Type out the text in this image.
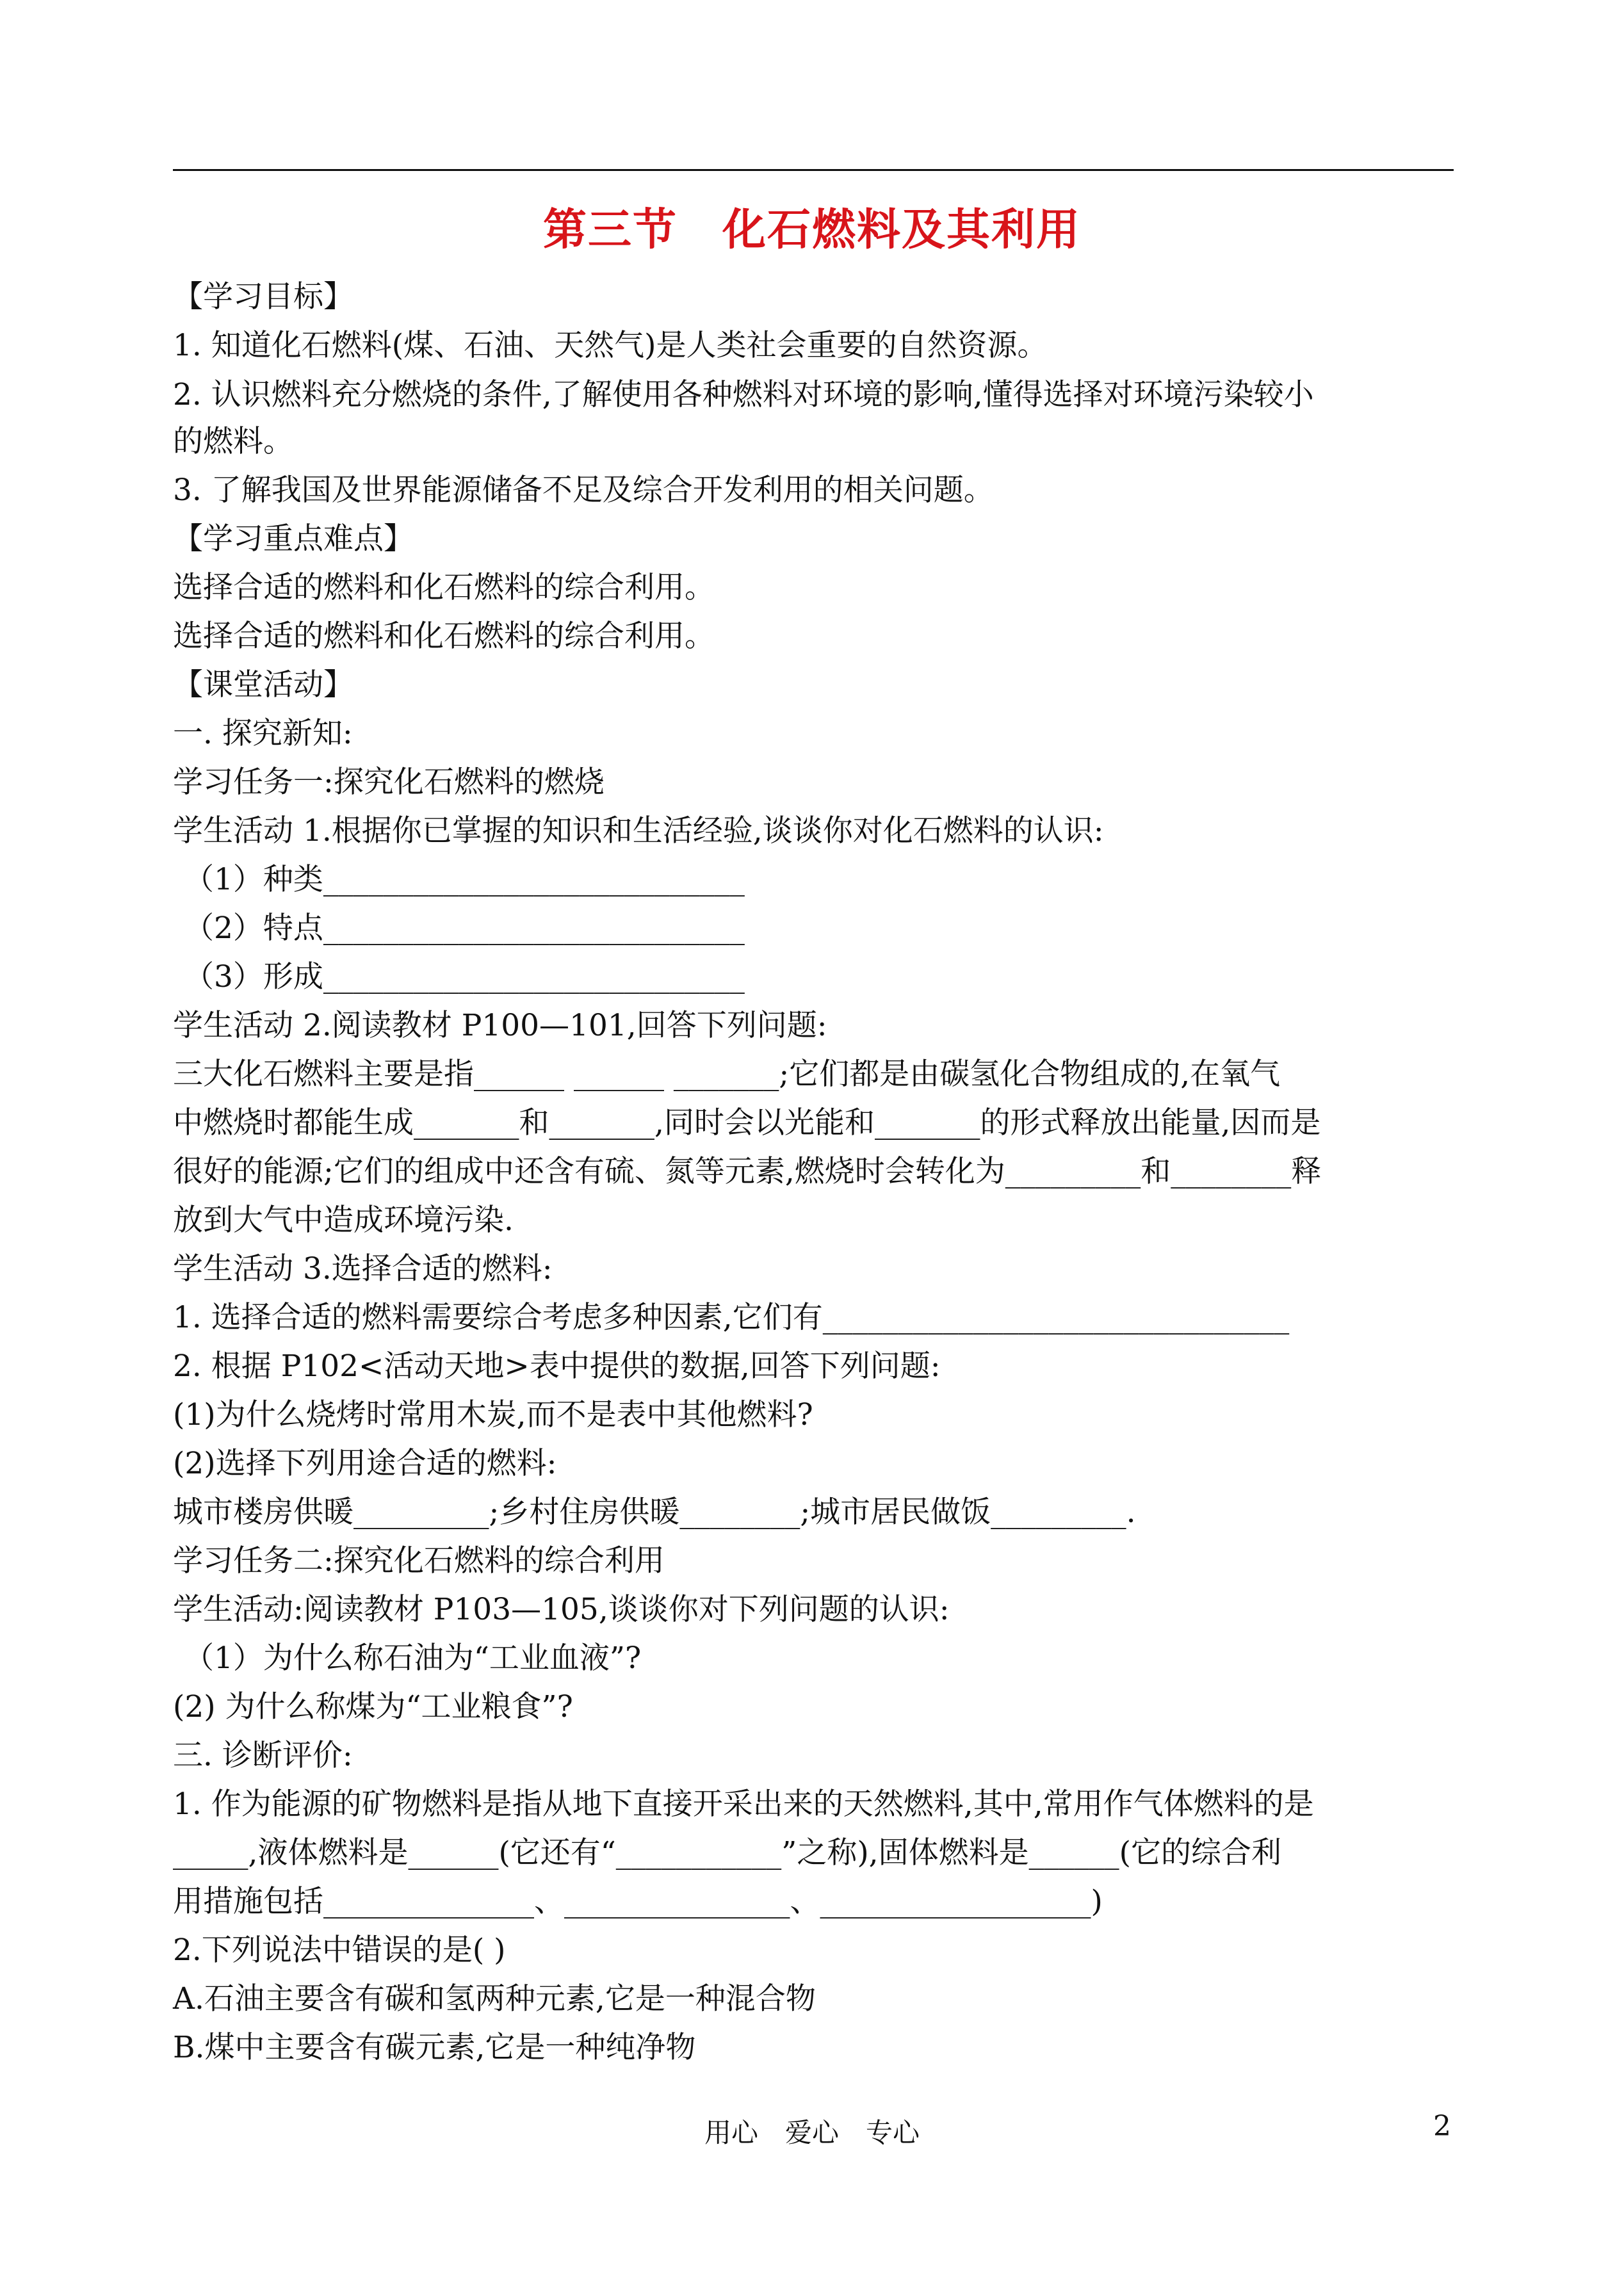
第三节　化石燃料及其利用
【学习目标】
1. 知道化石燃料(煤、石油、天然气)是人类社会重要的自然资源。
2. 认识燃料充分燃烧的条件,了解使用各种燃料对环境的影响,懂得选择对环境污染较小
的燃料。
3. 了解我国及世界能源储备不足及综合开发利用的相关问题。
【学习重点难点】
选择合适的燃料和化石燃料的综合利用。
选择合适的燃料和化石燃料的综合利用。
【课堂活动】
一. 探究新知:
学习任务一:探究化石燃料的燃烧
学生活动 1.根据你已掌握的知识和生活经验,谈谈你对化石燃料的认识:
（1）种类____________________________
（2）特点____________________________
（3）形成____________________________
学生活动 2.阅读教材 P100—101,回答下列问题:
三大化石燃料主要是指______ ______ _______;它们都是由碳氢化合物组成的,在氧气
中燃烧时都能生成_______和_______,同时会以光能和_______的形式释放出能量,因而是
很好的能源;它们的组成中还含有硫、氮等元素,燃烧时会转化为_________和________释
放到大气中造成环境污染.
学生活动 3.选择合适的燃料:
1. 选择合适的燃料需要综合考虑多种因素,它们有_______________________________
2. 根据 P102<活动天地>表中提供的数据,回答下列问题:
(1)为什么烧烤时常用木炭,而不是表中其他燃料?
(2)选择下列用途合适的燃料:
城市楼房供暖_________;乡村住房供暖________;城市居民做饭_________.
学习任务二:探究化石燃料的综合利用
学生活动:阅读教材 P103—105,谈谈你对下列问题的认识:
（1）为什么称石油为“工业血液”?
(2) 为什么称煤为“工业粮食”?
三. 诊断评价:
1. 作为能源的矿物燃料是指从地下直接开采出来的天然燃料,其中,常用作气体燃料的是
_____,液体燃料是______(它还有“___________”之称),固体燃料是______(它的综合利
用措施包括______________、_______________、__________________)
2.下列说法中错误的是( )
A.石油主要含有碳和氢两种元素,它是一种混合物
B.煤中主要含有碳元素,它是一种纯净物
用心　爱心　专心	2
